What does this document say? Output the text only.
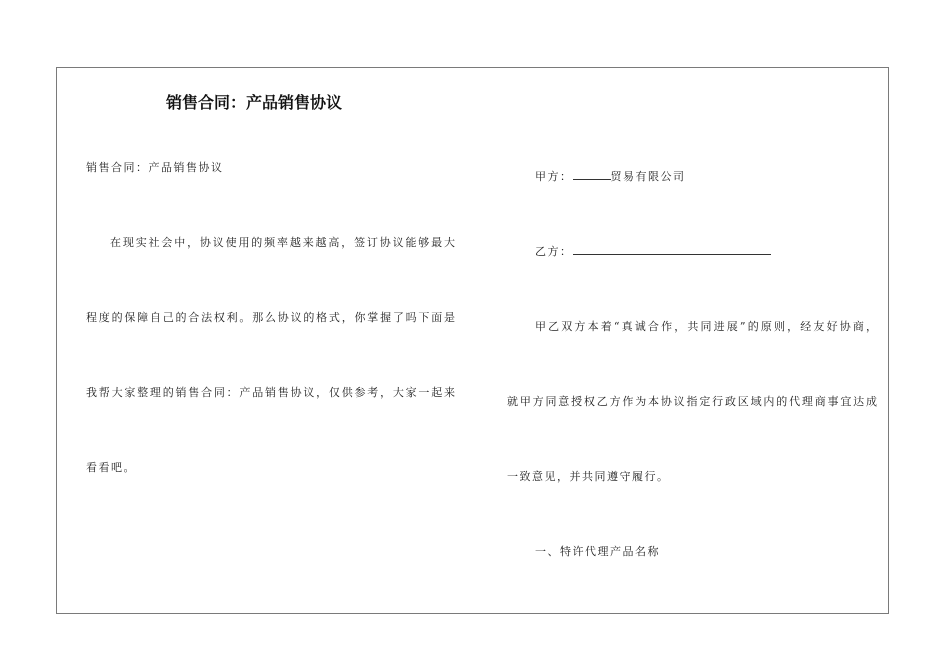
销售合同：产品销售协议
销售合同：产品销售协议
在现实社会中，协议使用的频率越来越高，签订协议能够最大
程度的保障自己的合法权利。那么协议的格式，你掌握了吗下面是
我帮大家整理的销售合同：产品销售协议，仅供参考，大家一起来
看看吧。
甲方：	贸易有限公司
乙方：
甲乙双方本着“真诚合作，共同进展”的原则，经友好协商，
就甲方同意授权乙方作为本协议指定行政区域内的代理商事宜达成
一致意见，并共同遵守履行。
一、特许代理产品名称
